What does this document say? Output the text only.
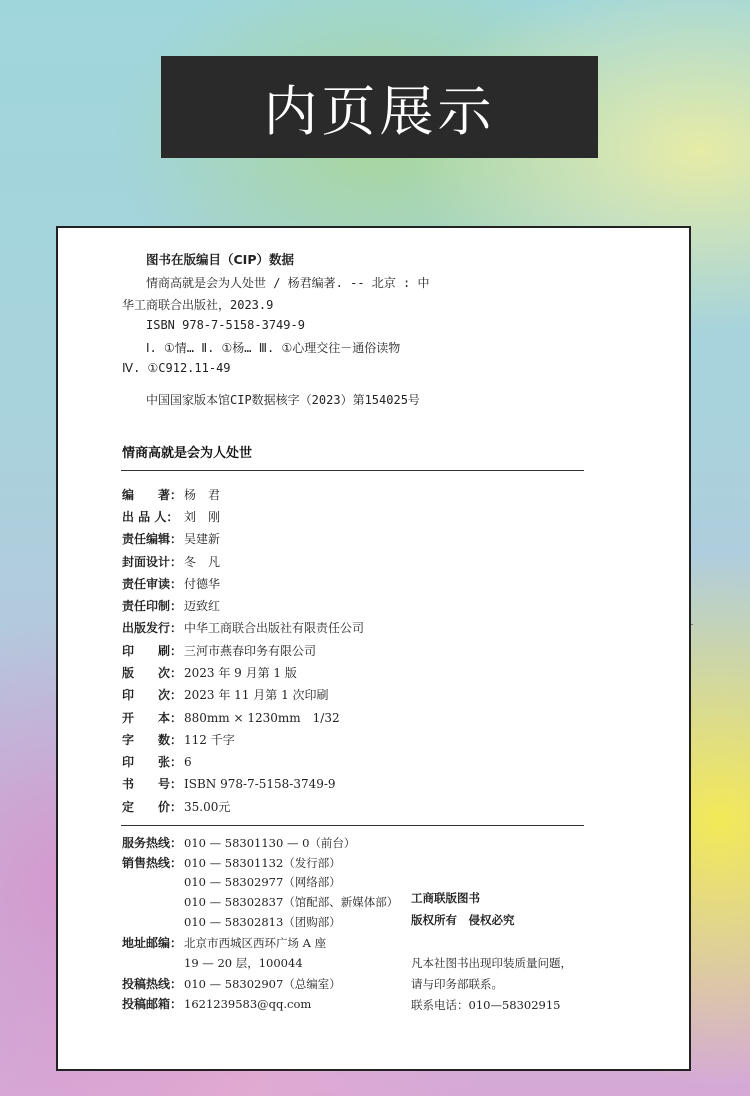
内页展示
图书在版编目（CIP）数据
情商高就是会为人处世 / 杨君编著. -- 北京 : 中
华工商联合出版社，2023.9
ISBN 978-7-5158-3749-9
Ⅰ. ①情… Ⅱ. ①杨… Ⅲ. ①心理交往－通俗读物
Ⅳ. ①C912.11-49
中国国家版本馆CIP数据核字（2023）第154025号
情商高就是会为人处世
编　　著： 杨　君
出 品 人： 刘　刚
责任编辑： 吴建新
封面设计： 冬　凡
责任审读： 付德华
责任印制： 迈致红
出版发行： 中华工商联合出版社有限责任公司
印　　刷： 三河市燕春印务有限公司
版　　次： 2023 年 9 月第 1 版
印　　次： 2023 年 11 月第 1 次印刷
开　　本： 880mm × 1230mm　1/32
字　　数： 112 千字
印　　张： 6
书　　号： ISBN 978-7-5158-3749-9
定　　价： 35.00元
服务热线： 010 — 58301130 — 0（前台）
销售热线： 010 — 58301132（发行部）
010 — 58302977（网络部）
010 — 58302837（馆配部、新媒体部）
010 — 58302813（团购部）
地址邮编： 北京市西城区西环广场 A 座
19 — 20 层，100044
投稿热线： 010 — 58302907（总编室）
投稿邮箱： 1621239583@qq.com
工商联版图书
版权所有　侵权必究
凡本社图书出现印装质量问题，
请与印务部联系。
联系电话：010—58302915
